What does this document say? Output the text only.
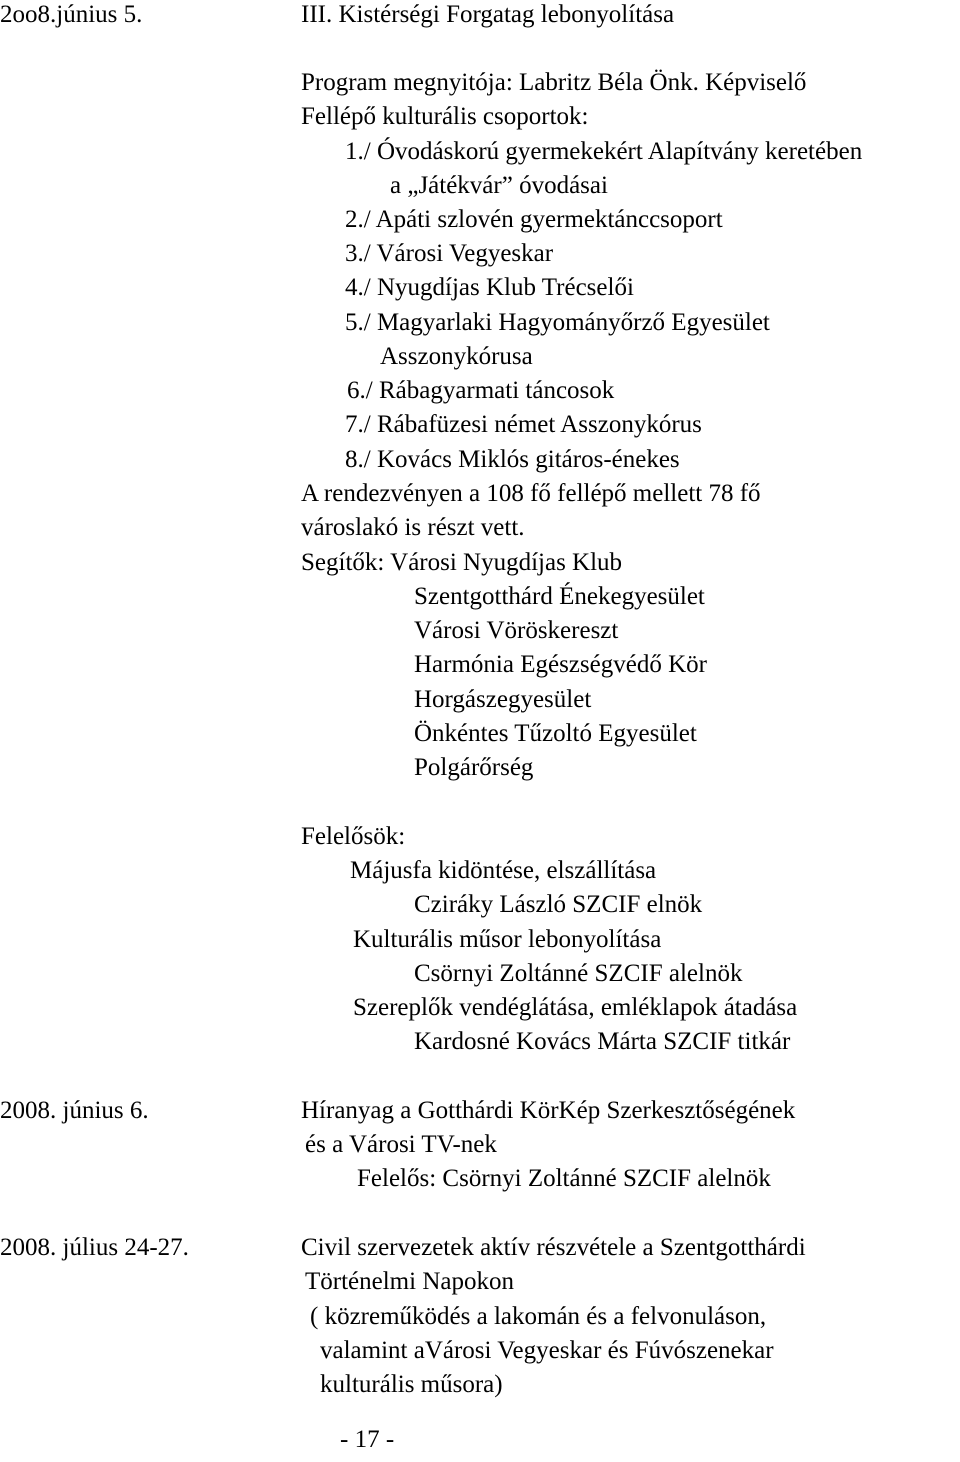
2oo8.június 5.	III. Kistérségi Forgatag lebonyolítása
Program megnyitója: Labritz Béla Önk. Képviselő
Fellépő kulturális csoportok:
1./ Óvodáskorú gyermekekért Alapítvány keretében
a „Játékvár” óvodásai
2./ Apáti szlovén gyermektánccsoport
3./ Városi Vegyeskar
4./ Nyugdíjas Klub Trécselői
5./ Magyarlaki Hagyományőrző Egyesület
Asszonykórusa
6./ Rábagyarmati táncosok
7./ Rábafüzesi német Asszonykórus
8./ Kovács Miklós gitáros-énekes
A rendezvényen a 108 fő fellépő mellett 78 fő
városlakó is részt vett.
Segítők: Városi Nyugdíjas Klub
Szentgotthárd Énekegyesület
Városi Vöröskereszt
Harmónia Egészségvédő Kör
Horgászegyesület
Önkéntes Tűzoltó Egyesület
Polgárőrség
Felelősök:
Májusfa kidöntése, elszállítása
Cziráky László SZCIF elnök
Kulturális műsor lebonyolítása
Csörnyi Zoltánné SZCIF alelnök
Szereplők vendéglátása, emléklapok átadása
Kardosné Kovács Márta SZCIF titkár
2008. június 6.	Híranyag a Gotthárdi KörKép Szerkesztőségének
és a Városi TV-nek
Felelős: Csörnyi Zoltánné SZCIF alelnök
2008. július 24-27.	Civil szervezetek aktív részvétele a Szentgotthárdi
Történelmi Napokon
( közreműködés a lakomán és a felvonuláson,
valamint aVárosi Vegyeskar és Fúvószenekar
kulturális műsora)
- 17 -
